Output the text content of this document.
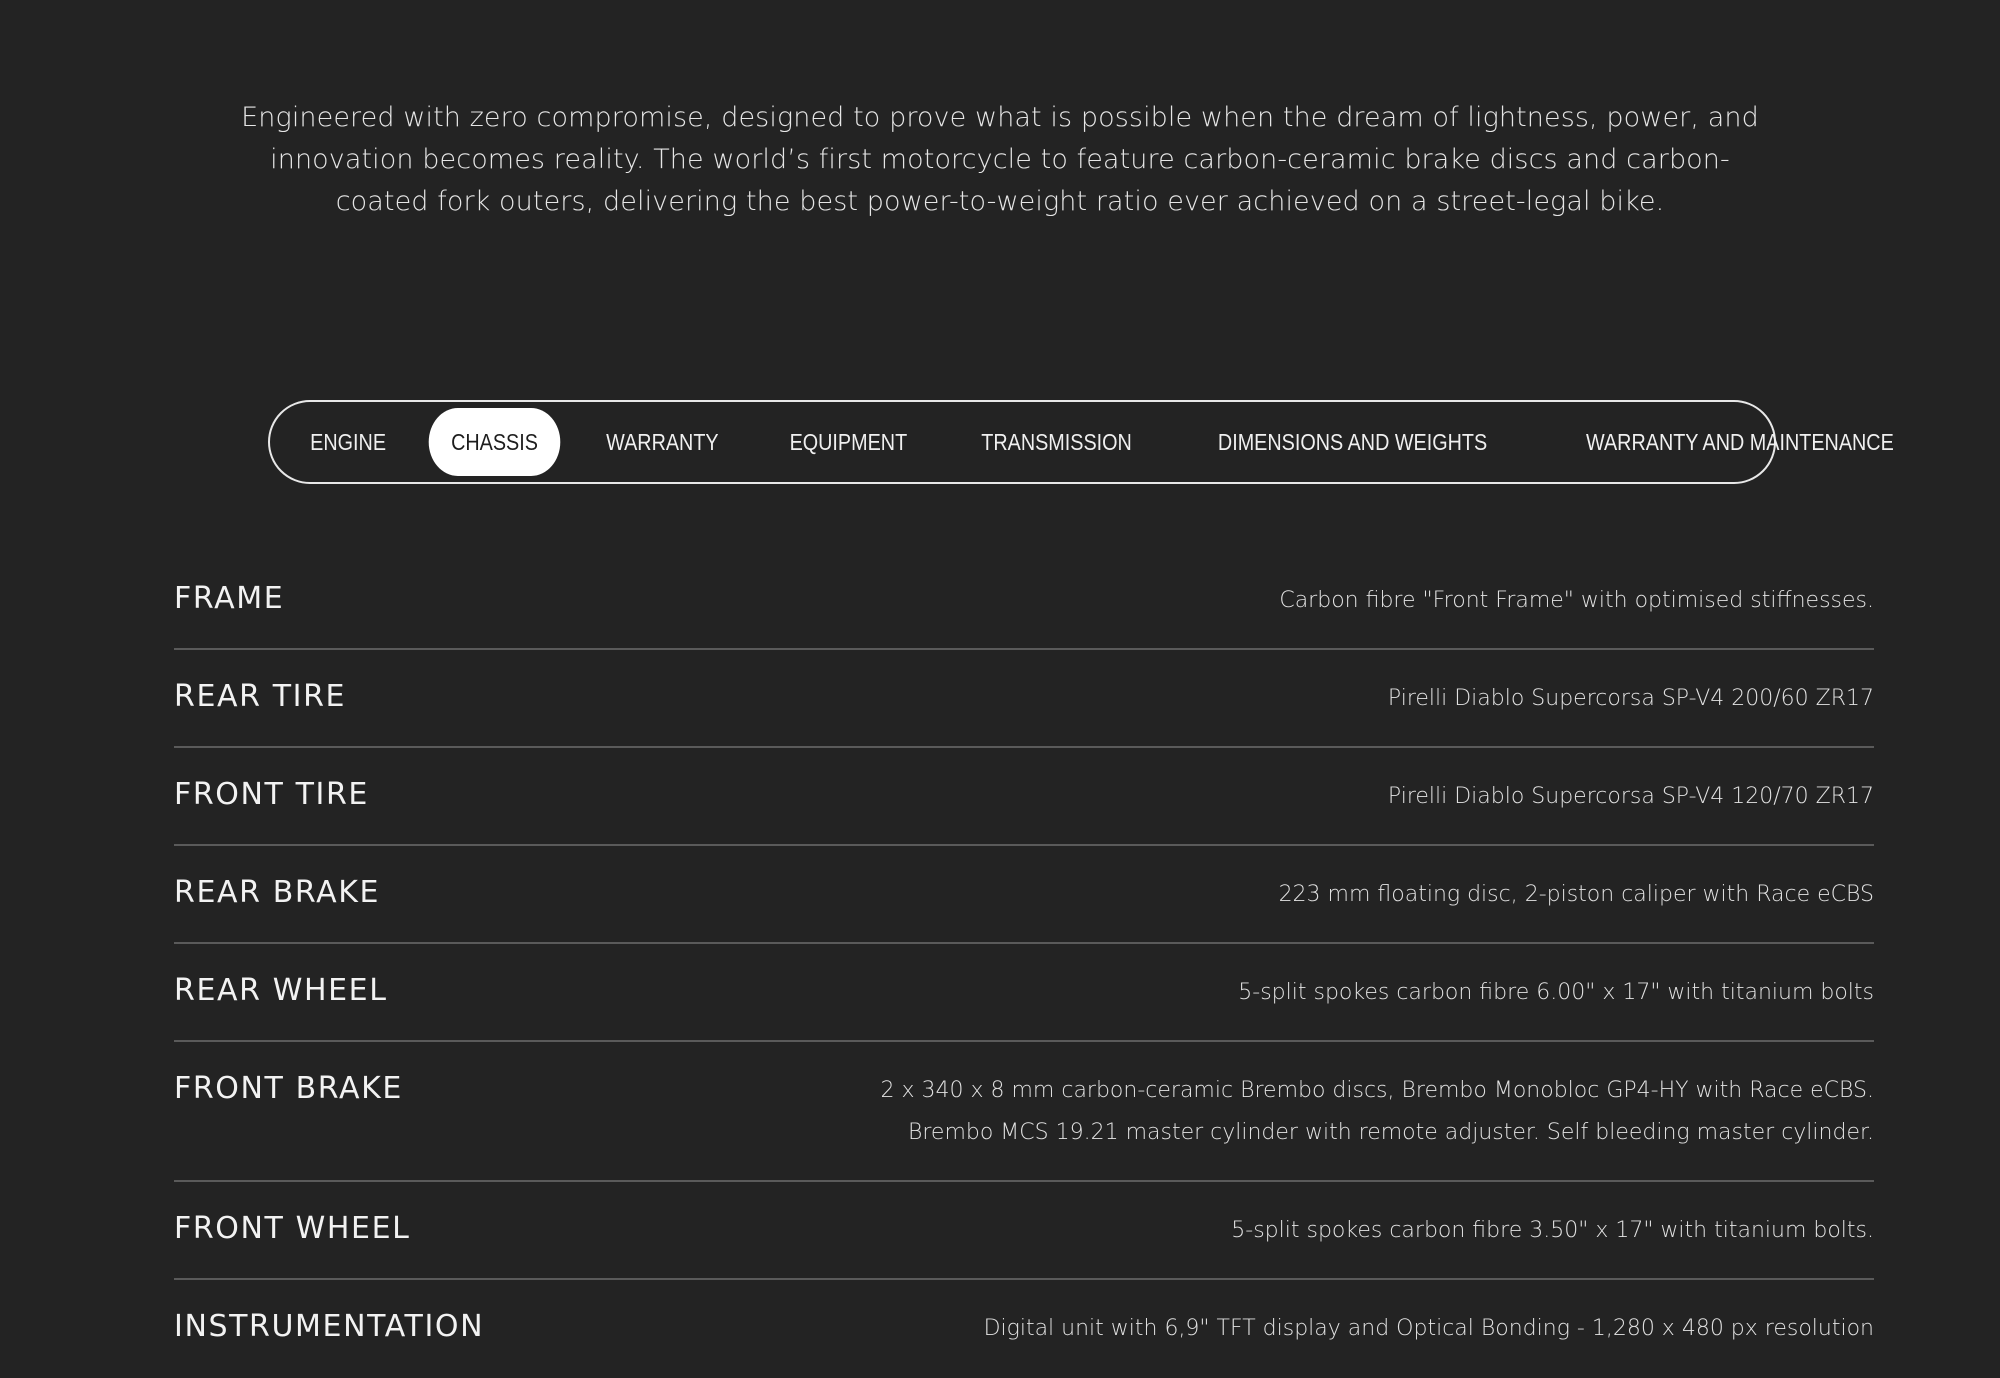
Engineered with zero compromise, designed to prove what is possible when the dream of lightness, power, and innovation becomes reality. The world’s first motorcycle to feature carbon-ceramic brake discs and carbon-coated fork outers, delivering the best power-to-weight ratio ever achieved on a street-legal bike.

ENGINE	CHASSIS	WARRANTY	EQUIPMENT	TRANSMISSION	DIMENSIONS AND WEIGHTS	WARRANTY AND MAINTENANCE
FRAME	Carbon fibre "Front Frame" with optimised stiffnesses.
REAR TIRE	Pirelli Diablo Supercorsa SP-V4 200/60 ZR17
FRONT TIRE	Pirelli Diablo Supercorsa SP-V4 120/70 ZR17
REAR BRAKE	223 mm floating disc, 2-piston caliper with Race eCBS
REAR WHEEL	5-split spokes carbon fibre 6.00" x 17" with titanium bolts
FRONT BRAKE	2 x 340 x 8 mm carbon-ceramic Brembo discs, Brembo Monobloc GP4-HY with Race eCBS. Brembo MCS 19.21 master cylinder with remote adjuster. Self bleeding master cylinder.
FRONT WHEEL	5-split spokes carbon fibre 3.50" x 17" with titanium bolts.
INSTRUMENTATION	Digital unit with 6,9" TFT display and Optical Bonding - 1,280 x 480 px resolution
